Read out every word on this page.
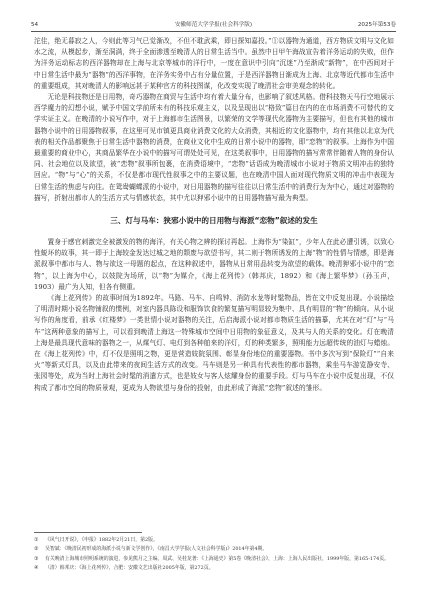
54	安徽师范大学学报(社会科学版)	2025年第53卷

沱佳，绝无暮寂之人，今则此等习气已觉渐改，不但不耽武乘，即日探知嘉投。”①以器物为通道，西方物质文明与文化如水之流，从模起步，渐至洞满，终于全面渗透至晚清人的日常生活当中。虽然中日甲午海战宣告着洋务运动的失败，但作为洋务运动标志的西洋器物却在上海与北京等城市的洋行中，一度在意识中引向“沉迷”乃至渐成“新物”，在中西间对于中日常生活中最为“器物”的西洋事物，在洋务实务中占有分量位置，于是西洋器物日渐成为上海、北京等近代都市生活中的重要组成，其对晚清人的影响远甚于某种官方的科技图谋，化改变实现了晚清社会审美观念的转化。

无论是科技物还是日用物，奇巧器物在商贸与生活中均有着大量分布，也影响了叙述风格。借科技物天马行空地展示西学魔力的幻想小说，赋予中国文学前所未有的科技乐观主义，以及呈现出以“格致”篇目在内的在市场消费不可替代的文学实证主义。在晚清的小说写作中，对于上海都市生活图景，以繁荣的文学等现代化器物为主要描写，但也有其他的城市器物小说中的日用器物叙事，在这里可见市镇更具商业消费文化的大众消费，其相近的文化器物中，均有其他以北京为代表的相关作品都聚焦于日常生活中器物的消费，在商业文化中生成的日常小说中的器物，即“恋物”的叙事。上海作为中国最重要的商业中心，其商品繁华在小说中的描写可谓处处可见，在这类叙事中，日用器物的描写常常伴随着人物的身份认同、社会地位以及欲望，被“恋物”叙事所包裹，在消费语境中，“恋物”话语成为晚清城市小说对于物质文明冲击的独特回应。“物”与“心”的关系，不仅是都市现代性叙事之中的主要议题，也在晚清中国人面对现代物质文明的冲击中表现为日常生活的焦虑与向往。在鸳鸯蝴蝶派的小说中，对日用器物的描写往往以日常生活中的消费行为为中心，通过对器物的描写，折射出都市人的生活方式与情感状态，其中尤以狎邪小说中的日用器物描写最为典型。

三、灯与马车：狭邪小说中的日用物与海派“恋物”叙述的发生

置身于感官刺激完全被激发的物的海洋，有关心物之辨的探讨再起。上海作为“染缸”，少年人在此必遭引诱，以致心性蜕坏的故事，其一即于上海较金发达过城之地的颓废与欲望书写，其二则于物所诱发的上海“物”的性情与情感，即是海派叙事中都市与人、物与欲这一母题的起点，在这种叙述中，器物从日常用品转变为欲望的载体。晚清狎邪小说中的“恋物”，以上海为中心，以妓院为场所，以“物”为媒介，《海上花列传》（韩邦庆，1892）和《海上繁华梦》（孙玉声，1903）最广为人知，但各有侧重。

《海上花列传》的故事时间为1892年。马路、马车、自鸣钟、消防水龙等时髦物品，皆在文中反复出现。小说描绘了明清时期小说名物铺叙的惯例，对室内器具陈设和服饰饮食的繁复描写明显较为集中、具有明显的“物”的倾向。从小说写作的角度看，前承《红楼梦》一类世情小说对器物的关注，后启海派小说对都市物质生活的描摹，尤其在对“灯”与“马车”这两种意象的描写上，可以看到晚清上海这一特殊城市空间中日用物的象征意义，及其与人的关系的变化。灯在晚清上海是最具现代意味的器物之一，从煤气灯、电灯到各种舶来的洋灯，灯的种类繁多，照明能力远超传统的油灯与蜡烛。在《海上花列传》中，灯不仅是照明之物，更是营造妓院氛围、彰显身份地位的重要器物。书中多次写到“保险灯”“自来火”等新式灯具，以及由此带来的夜间生活方式的改变。马车则是另一种具有代表性的都市器物，乘坐马车游览静安寺、张园等处，成为当时上海社会时髦的消遣方式，也是妓女与客人炫耀身份的重要手段。灯与马车在小说中反复出现，不仅构成了都市空间的物质景观，更成为人物欲望与身份的投射，由此形成了海派“恋物”叙述的雏形。

① 《风气日开说》，《申报》1882年2月21日，第2版。
② 吴智斌：《晚清民初形成的海派小说与新文学创作》，《南昌大学学报(人文社会科学版)》2014年第4期。
③ 有关晚清上海城市照明系统的演进，参见熊月之主编，周武、吴桂龙著：《上海通史》第5卷《晚清社会》，上海：上海人民出版社，1999年版，第165-174页。
④ （清）韩邦庆：《海上花列传》，合肥：安徽文艺出版社2005年版，第272页。
